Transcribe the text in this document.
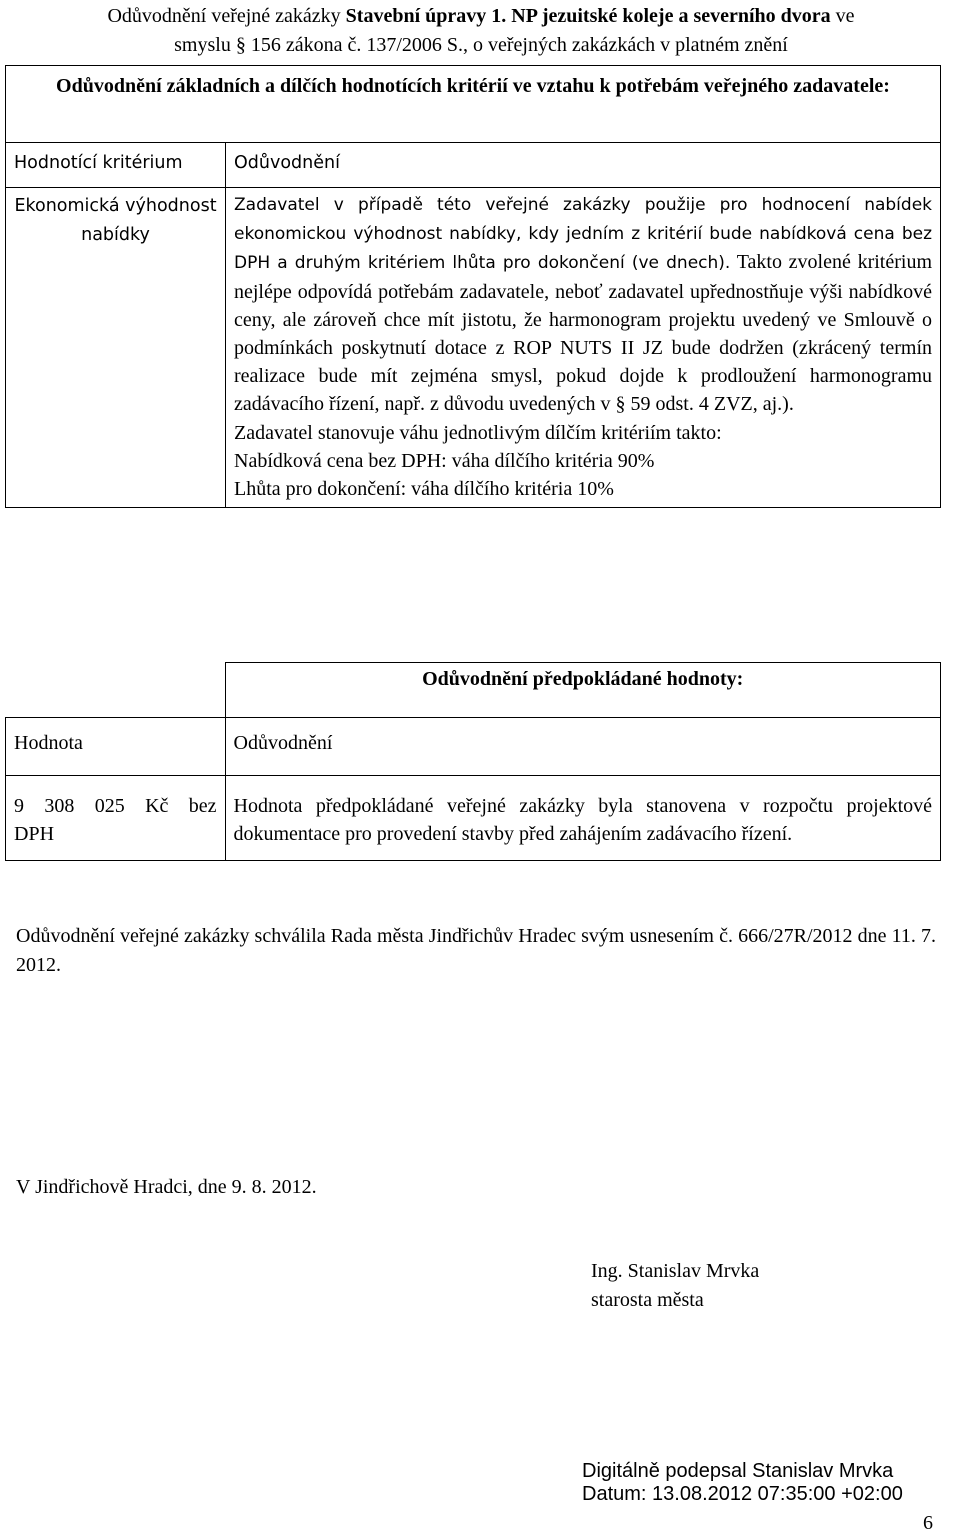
Odůvodnění veřejné zakázky Stavební úpravy 1. NP jezuitské koleje a severního dvora ve
smyslu § 156 zákona č. 137/2006 S., o veřejných zakázkách v platném znění
Odůvodnění základních a dílčích hodnotících kritérií ve vztahu k potřebám veřejného zadavatele:	

Hodnotící kritérium	Odůvodnění

Ekonomická výhodnost nabídky	Zadavatel v případě této veřejné zakázky použije pro hodnocení nabídek ekonomickou výhodnost nabídky, kdy jedním z kritérií bude nabídková cena bez DPH a druhým kritériem lhůta pro dokončení (ve dnech). Takto zvolené kritérium nejlépe odpovídá potřebám zadavatele, neboť zadavatel upřednostňuje výši nabídkové ceny, ale zároveň chce mít jistotu, že harmonogram projektu uvedený ve Smlouvě o podmínkách poskytnutí dotace z ROP NUTS II JZ bude dodržen (zkrácený termín realizace bude mít zejména smysl, pokud dojde k prodloužení harmonogramu zadávacího řízení, např. z důvodu uvedených v § 59 odst. 4 ZVZ, aj.).
Zadavatel stanovuje váhu jednotlivým dílčím kritériím takto:
Nabídková cena bez DPH: váha dílčího kritéria 90%
Lhůta pro dokončení: váha dílčího kritéria 10%
	Odůvodnění předpokládané hodnoty:

Hodnota	Odůvodnění

9 308 025 Kč bez DPH	Hodnota předpokládané veřejné zakázky byla stanovena v rozpočtu projektové dokumentace pro provedení stavby před zahájením zadávacího řízení.
Odůvodnění veřejné zakázky schválila Rada města Jindřichův Hradec svým usnesením č. 666/27R/2012 dne 11. 7. 2012.
V Jindřichově Hradci, dne 9. 8. 2012.
Ing. Stanislav Mrvka
starosta města
Digitálně podepsal Stanislav Mrvka
Datum: 13.08.2012 07:35:00 +02:00
6
